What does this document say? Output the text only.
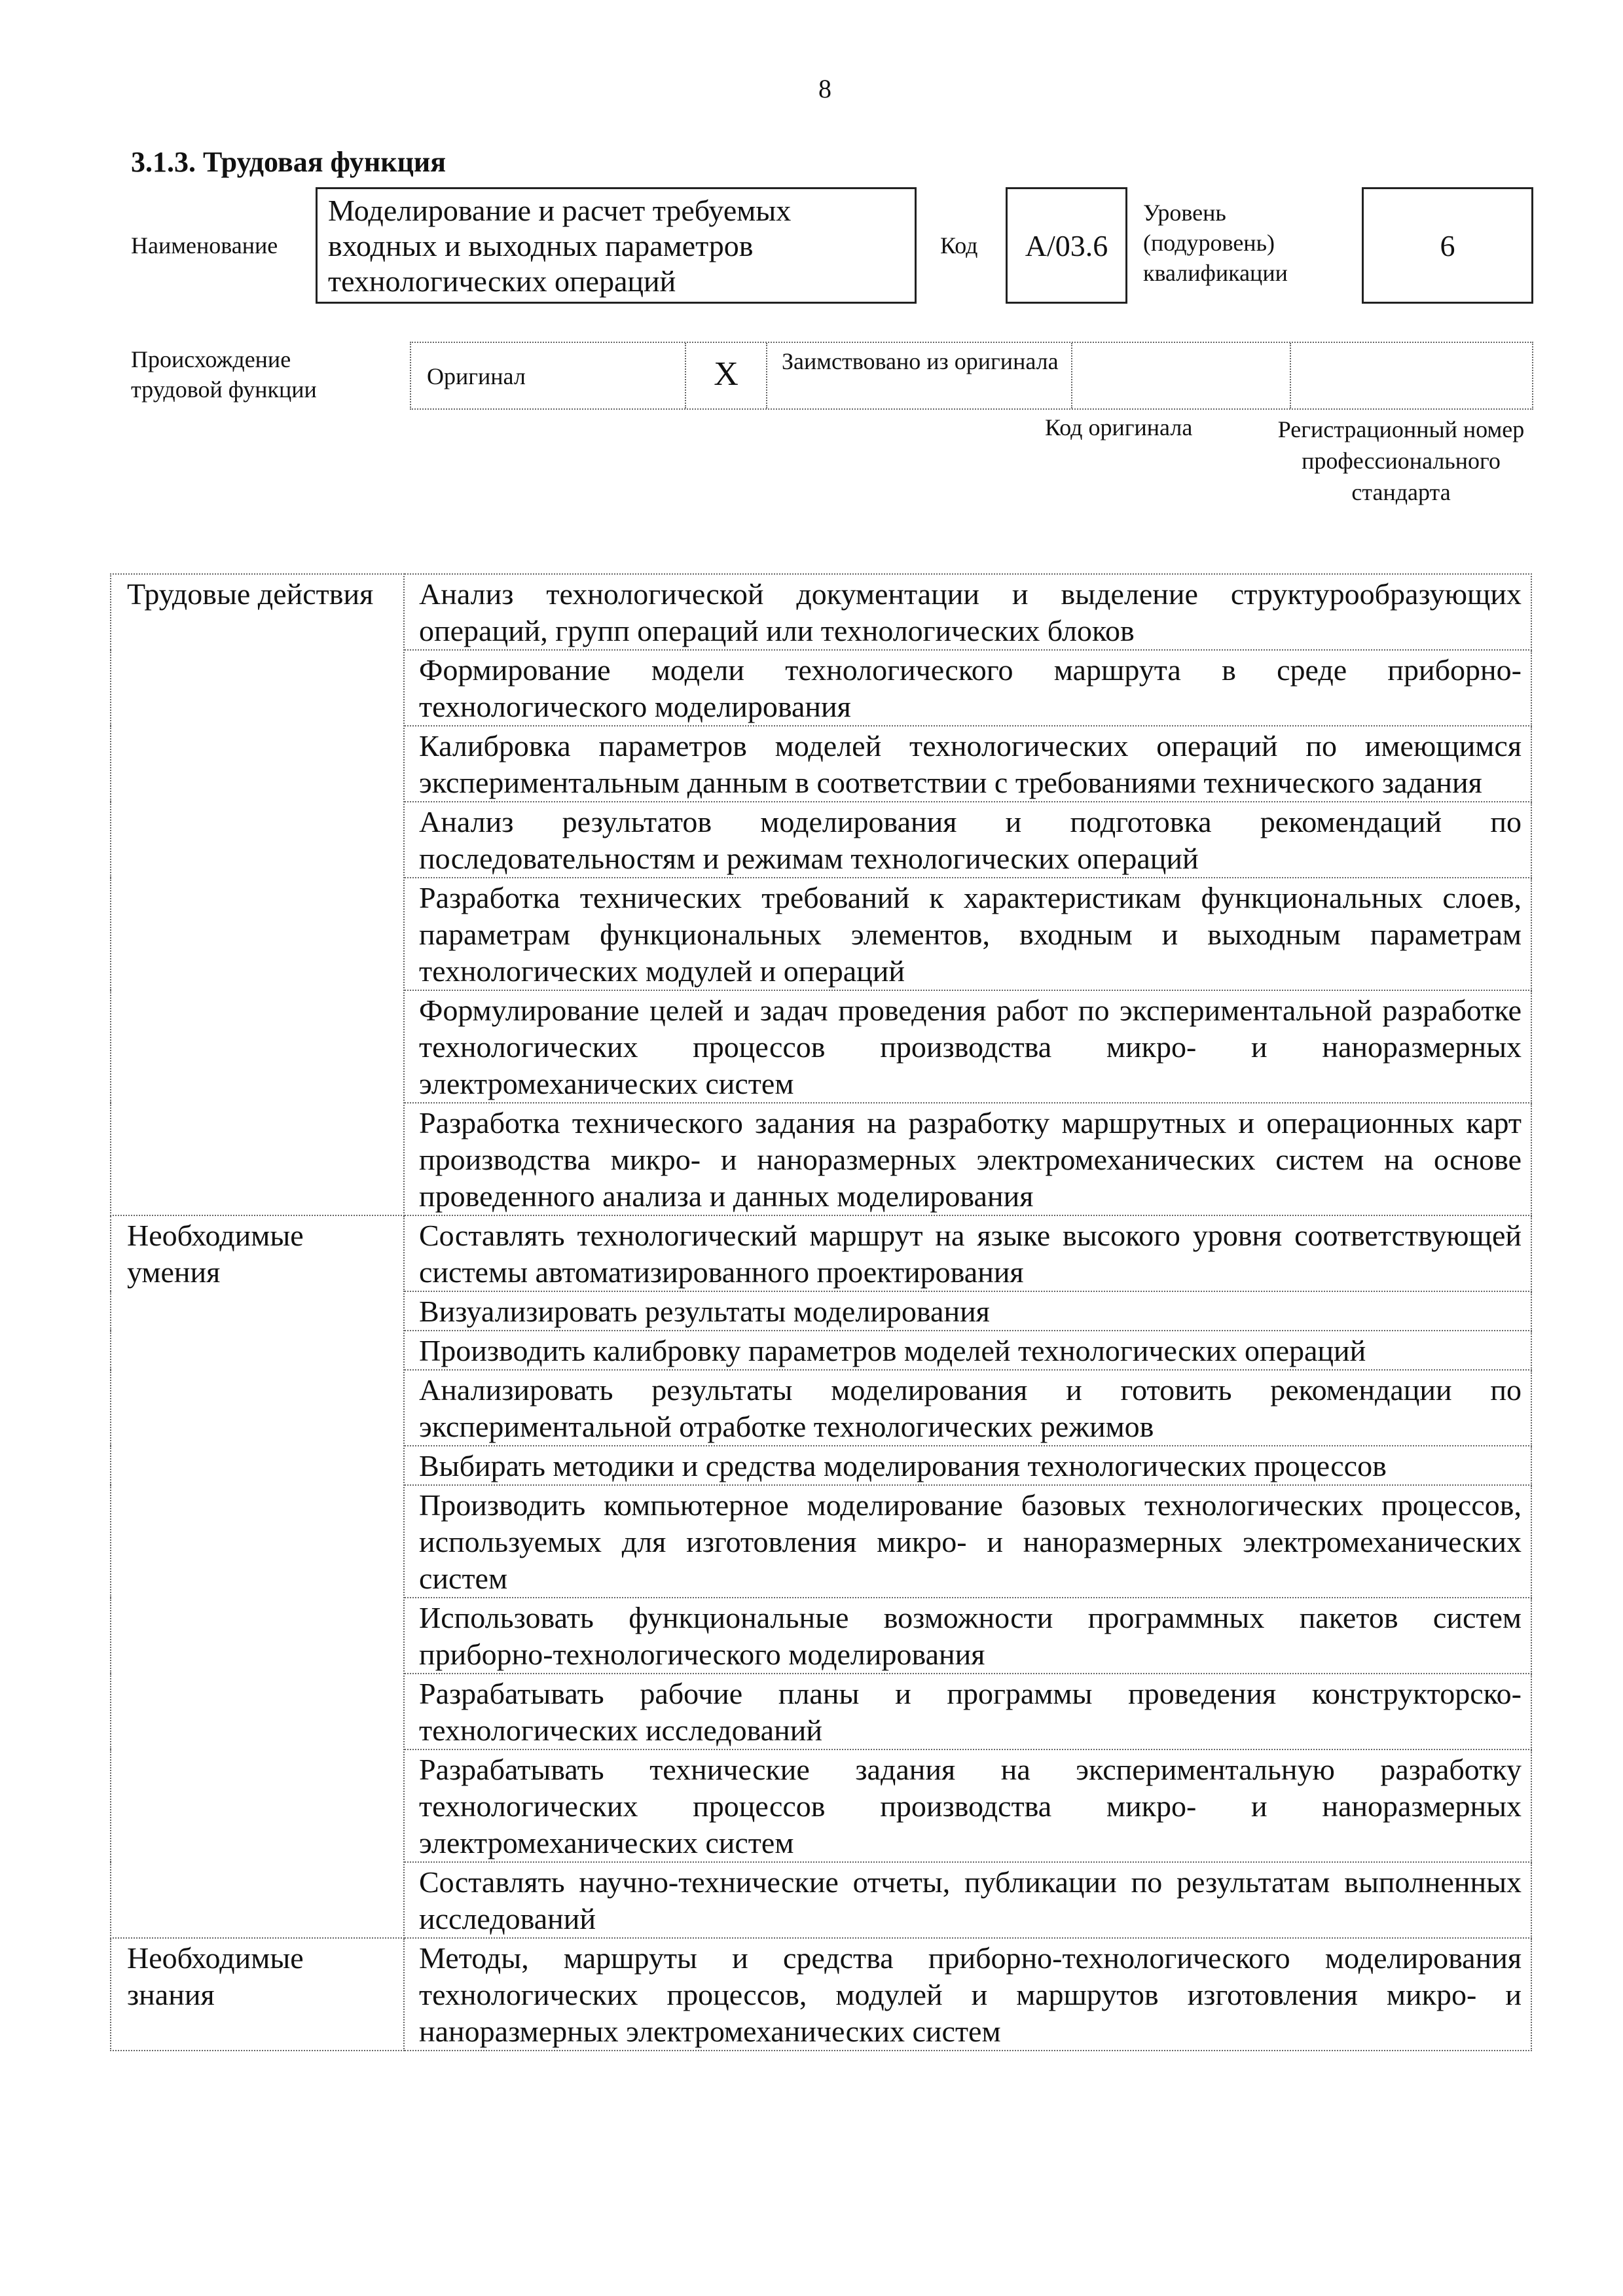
8
3.1.3. Трудовая функция
Наименование
Моделирование и расчет требуемых входных и выходных параметров технологических операций
Код	А/03.6
Уровень (подуровень) квалификации
6
Происхождение трудовой функции	Оригинал	X	Заимствовано из оригинала
Код оригинала	Регистрационный номер профессионального стандарта
Трудовые действия	Анализ технологической документации и выделение структурообразующих операций, групп операций или технологических блоков
	Формирование модели технологического маршрута в среде приборно-технологического моделирования
	Калибровка параметров моделей технологических операций по имеющимся экспериментальным данным в соответствии с требованиями технического задания
	Анализ результатов моделирования и подготовка рекомендаций по последовательностям и режимам технологических операций
	Разработка технических требований к характеристикам функциональных слоев, параметрам функциональных элементов, входным и выходным параметрам технологических модулей и операций
	Формулирование целей и задач проведения работ по экспериментальной разработке технологических процессов производства микро- и наноразмерных электромеханических систем
	Разработка технического задания на разработку маршрутных и операционных карт производства микро- и наноразмерных электромеханических систем на основе проведенного анализа и данных моделирования
Необходимые умения	Составлять технологический маршрут на языке высокого уровня соответствующей системы автоматизированного проектирования
	Визуализировать результаты моделирования
	Производить калибровку параметров моделей технологических операций
	Анализировать результаты моделирования и готовить рекомендации по экспериментальной отработке технологических режимов
	Выбирать методики и средства моделирования технологических процессов
	Производить компьютерное моделирование базовых технологических процессов, используемых для изготовления микро- и наноразмерных электромеханических систем
	Использовать функциональные возможности программных пакетов систем приборно-технологического моделирования
	Разрабатывать рабочие планы и программы проведения конструкторско-технологических исследований
	Разрабатывать технические задания на экспериментальную разработку технологических процессов производства микро- и наноразмерных электромеханических систем
	Составлять научно-технические отчеты, публикации по результатам выполненных исследований
Необходимые знания	Методы, маршруты и средства приборно-технологического моделирования технологических процессов, модулей и маршрутов изготовления микро- и наноразмерных электромеханических систем
